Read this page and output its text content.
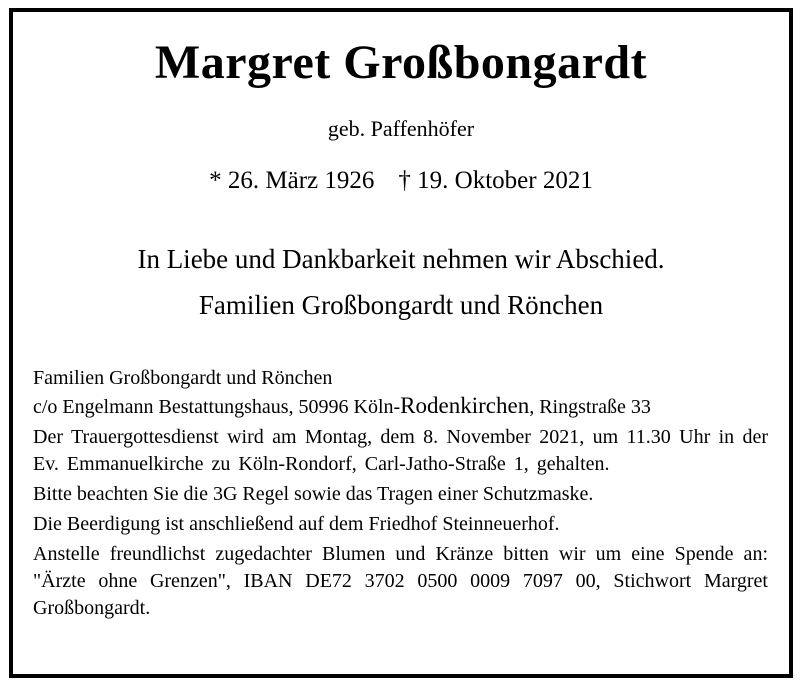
Margret Großbongardt
geb. Paffenhöfer
* 26. März 1926 † 19. Oktober 2021
In Liebe und Dankbarkeit nehmen wir Abschied.
Familien Großbongardt und Rönchen

Familien Großbongardt und Rönchen

c/o Engelmann Bestattungshaus, 50996 Köln-Rodenkirchen, Ringstraße 33

Der Trauergottesdienst wird am Montag, dem 8. November 2021, um 11.30 Uhr in der Ev. Emmanuelkirche zu Köln-Rondorf, Carl-Jatho-Straße 1, gehalten.

Bitte beachten Sie die 3G Regel sowie das Tragen einer Schutzmaske.

Die Beerdigung ist anschließend auf dem Friedhof Steinneuerhof.

Anstelle freundlichst zugedachter Blumen und Kränze bitten wir um eine Spende an: "Ärzte ohne Grenzen", IBAN DE72 3702 0500 0009 7097 00, Stichwort Margret Großbongardt.
